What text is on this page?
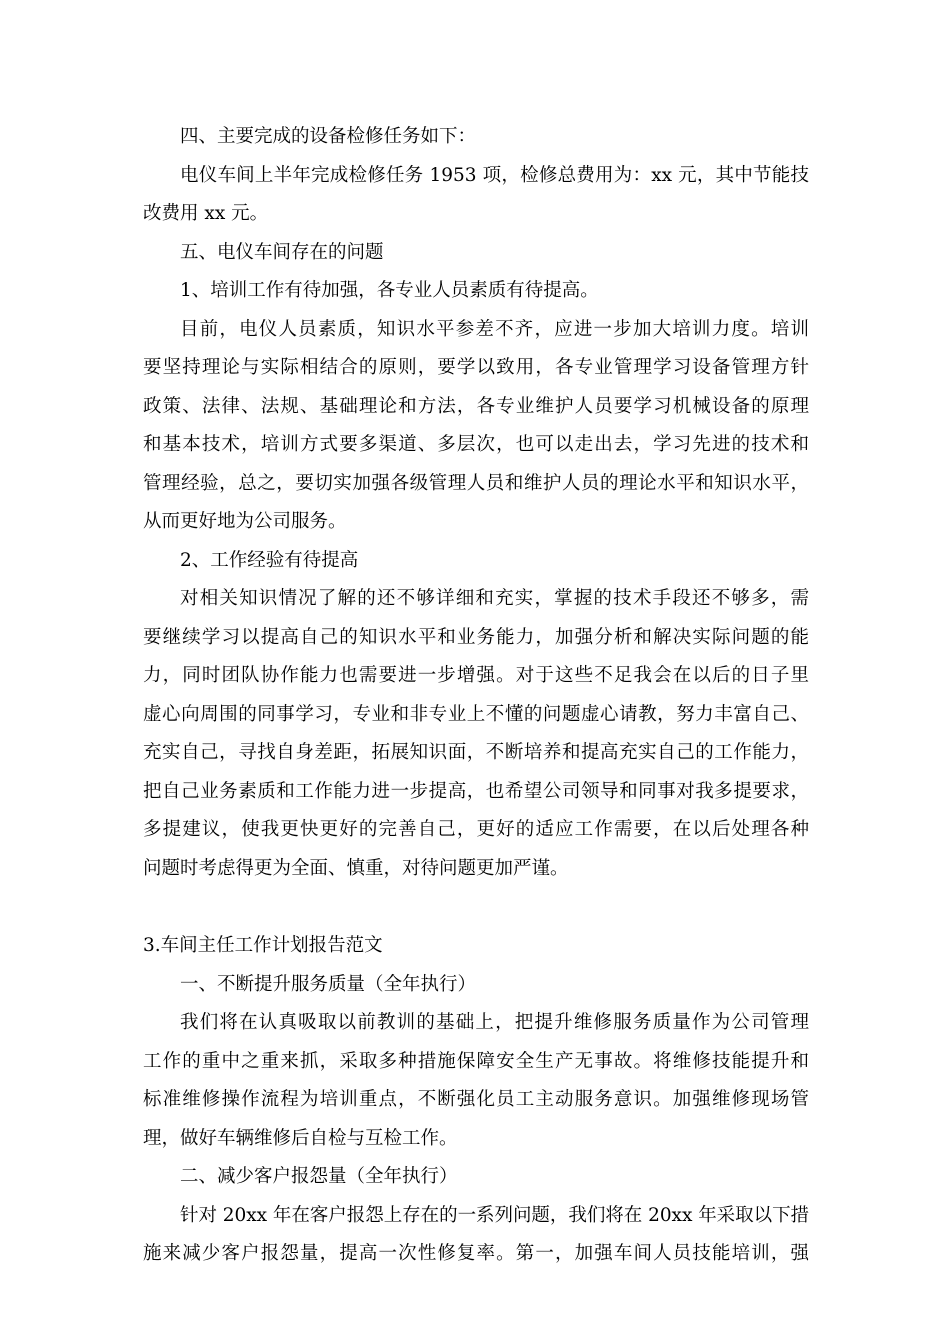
四、主要完成的设备检修任务如下：
电仪车间上半年完成检修任务 1953 项，检修总费用为：xx 元，其中节能技
改费用 xx 元。
五、电仪车间存在的问题
1、培训工作有待加强，各专业人员素质有待提高。
目前，电仪人员素质，知识水平参差不齐，应进一步加大培训力度。培训
要坚持理论与实际相结合的原则，要学以致用，各专业管理学习设备管理方针
政策、法律、法规、基础理论和方法，各专业维护人员要学习机械设备的原理
和基本技术，培训方式要多渠道、多层次，也可以走出去，学习先进的技术和
管理经验，总之，要切实加强各级管理人员和维护人员的理论水平和知识水平，
从而更好地为公司服务。
2、工作经验有待提高
对相关知识情况了解的还不够详细和充实，掌握的技术手段还不够多，需
要继续学习以提高自己的知识水平和业务能力，加强分析和解决实际问题的能
力，同时团队协作能力也需要进一步增强。对于这些不足我会在以后的日子里
虚心向周围的同事学习，专业和非专业上不懂的问题虚心请教，努力丰富自己、
充实自己，寻找自身差距，拓展知识面，不断培养和提高充实自己的工作能力，
把自己业务素质和工作能力进一步提高，也希望公司领导和同事对我多提要求，
多提建议，使我更快更好的完善自己，更好的适应工作需要，在以后处理各种
问题时考虑得更为全面、慎重，对待问题更加严谨。
3.车间主任工作计划报告范文
一、不断提升服务质量（全年执行）
我们将在认真吸取以前教训的基础上，把提升维修服务质量作为公司管理
工作的重中之重来抓，采取多种措施保障安全生产无事故。将维修技能提升和
标准维修操作流程为培训重点，不断强化员工主动服务意识。加强维修现场管
理，做好车辆维修后自检与互检工作。
二、减少客户报怨量（全年执行）
针对 20xx 年在客户报怨上存在的一系列问题，我们将在 20xx 年采取以下措
施来减少客户报怨量，提高一次性修复率。第一，加强车间人员技能培训，强
